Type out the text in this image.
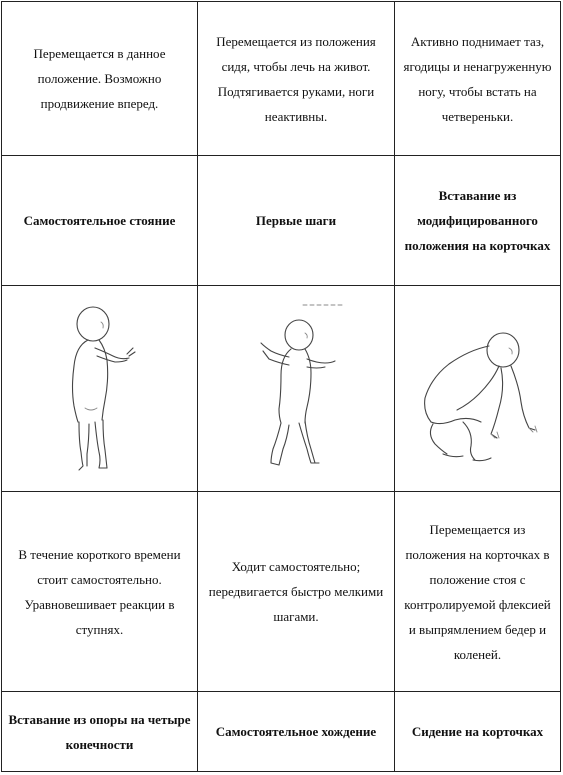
Перемещается в данное положение. Возможно продвижение вперед.	Перемещается из положения сидя, чтобы лечь на живот. Подтягивается руками, ноги неактивны.	Активно поднимает таз, ягодицы и ненагруженную ногу, чтобы встать на четвереньки.
Самостоятельное стояние	Первые шаги	Вставание из модифицированного положения на корточках

В течение короткого времени стоит самостоятельно. Уравновешивает реакции в ступнях.	Ходит самостоятельно; передвигается быстро мелкими шагами.	Перемещается из положения на корточках в положение стоя с контролируемой флексией и выпрямлением бедер и коленей.
Вставание из опоры на четыре конечности	Самостоятельное хождение	Сидение на корточках
